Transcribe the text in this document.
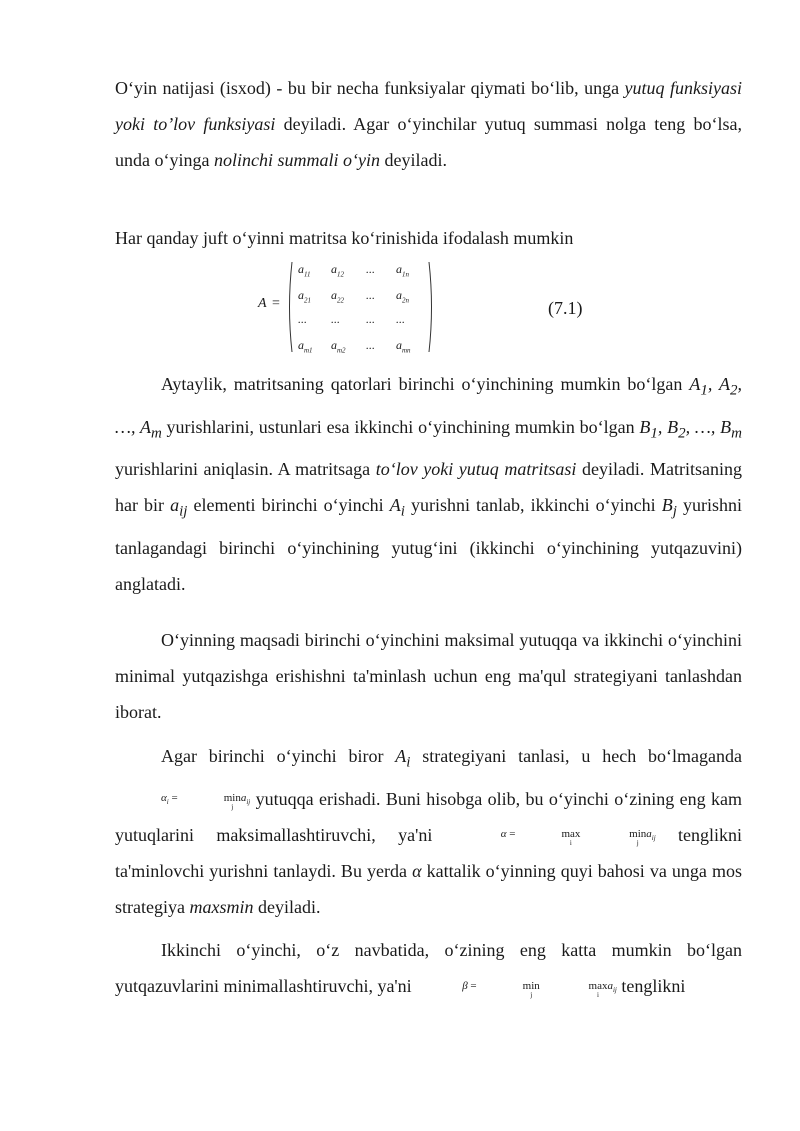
O‘yin natijasi (isxod) - bu bir necha funksiyalar qiymati bo‘lib, unga yutuq funksiyasi yoki to’lov funksiyasi deyiladi. Agar o‘yinchilar yutuq summasi nolga teng bo‘lsa, unda o‘yinga nolinchi summali o‘yin deyiladi.

Har qanday juft o‘yinni matritsa ko‘rinishida ifodalash mumkin

A =
$a_{11}$ $a_{12}$ ... $a_{1n}$
$a_{21}$ $a_{22}$ ... $a_{2n}$
... ... ... ...
$a_{m1}$ $a_{m2}$ ... $a_{mn}$
(7.1)

Aytaylik, matritsaning qatorlari birinchi o‘yinchining mumkin bo‘lgan $A_1$, $A_2$, …, $A_m$ yurishlarini, ustunlari esa ikkinchi o‘yinchining mumkin bo‘lgan $B_1$, $B_2$, …, $B_m$ yurishlarini aniqlasin. A matritsaga to‘lov yoki yutuq matritsasi deyiladi. Matritsaning har bir $a_{ij}$ elementi birinchi o‘yinchi $A_i$ yurishni tanlab, ikkinchi o‘yinchi $B_j$ yurishni tanlagandagi birinchi o‘yinchining yutug‘ini (ikkinchi o‘yinchining yutqazuvini) anglatadi.

O‘yinning maqsadi birinchi o‘yinchini maksimal yutuqqa va ikkinchi o‘yinchini minimal yutqazishga erishishni ta'minlash uchun eng ma'qul strategiyani tanlashdan iborat.

Agar birinchi o‘yinchi biror $A_i$ strategiyani tanlasi, u hech bo‘lmaganda $\alpha_i$ =	min
j
$a_{ij}$ yutuqqa erishadi. Buni hisobga olib, bu o‘yinchi o‘zining eng kam yutuqlarini maksimallashtiruvchi, ya'ni	α =	max
i
min
j
$a_{ij}$ tenglikni ta'minlovchi yurishni tanlaydi. Bu yerda α kattalik o‘yinning quyi bahosi va unga mos strategiya maxsmin deyiladi.

Ikkinchi o‘yinchi, o‘z navbatida, o‘zining eng katta mumkin bo‘lgan yutqazuvlarini minimallashtiruvchi, ya'ni	β =	min
j
max
i
$a_{ij}$ tenglikni
